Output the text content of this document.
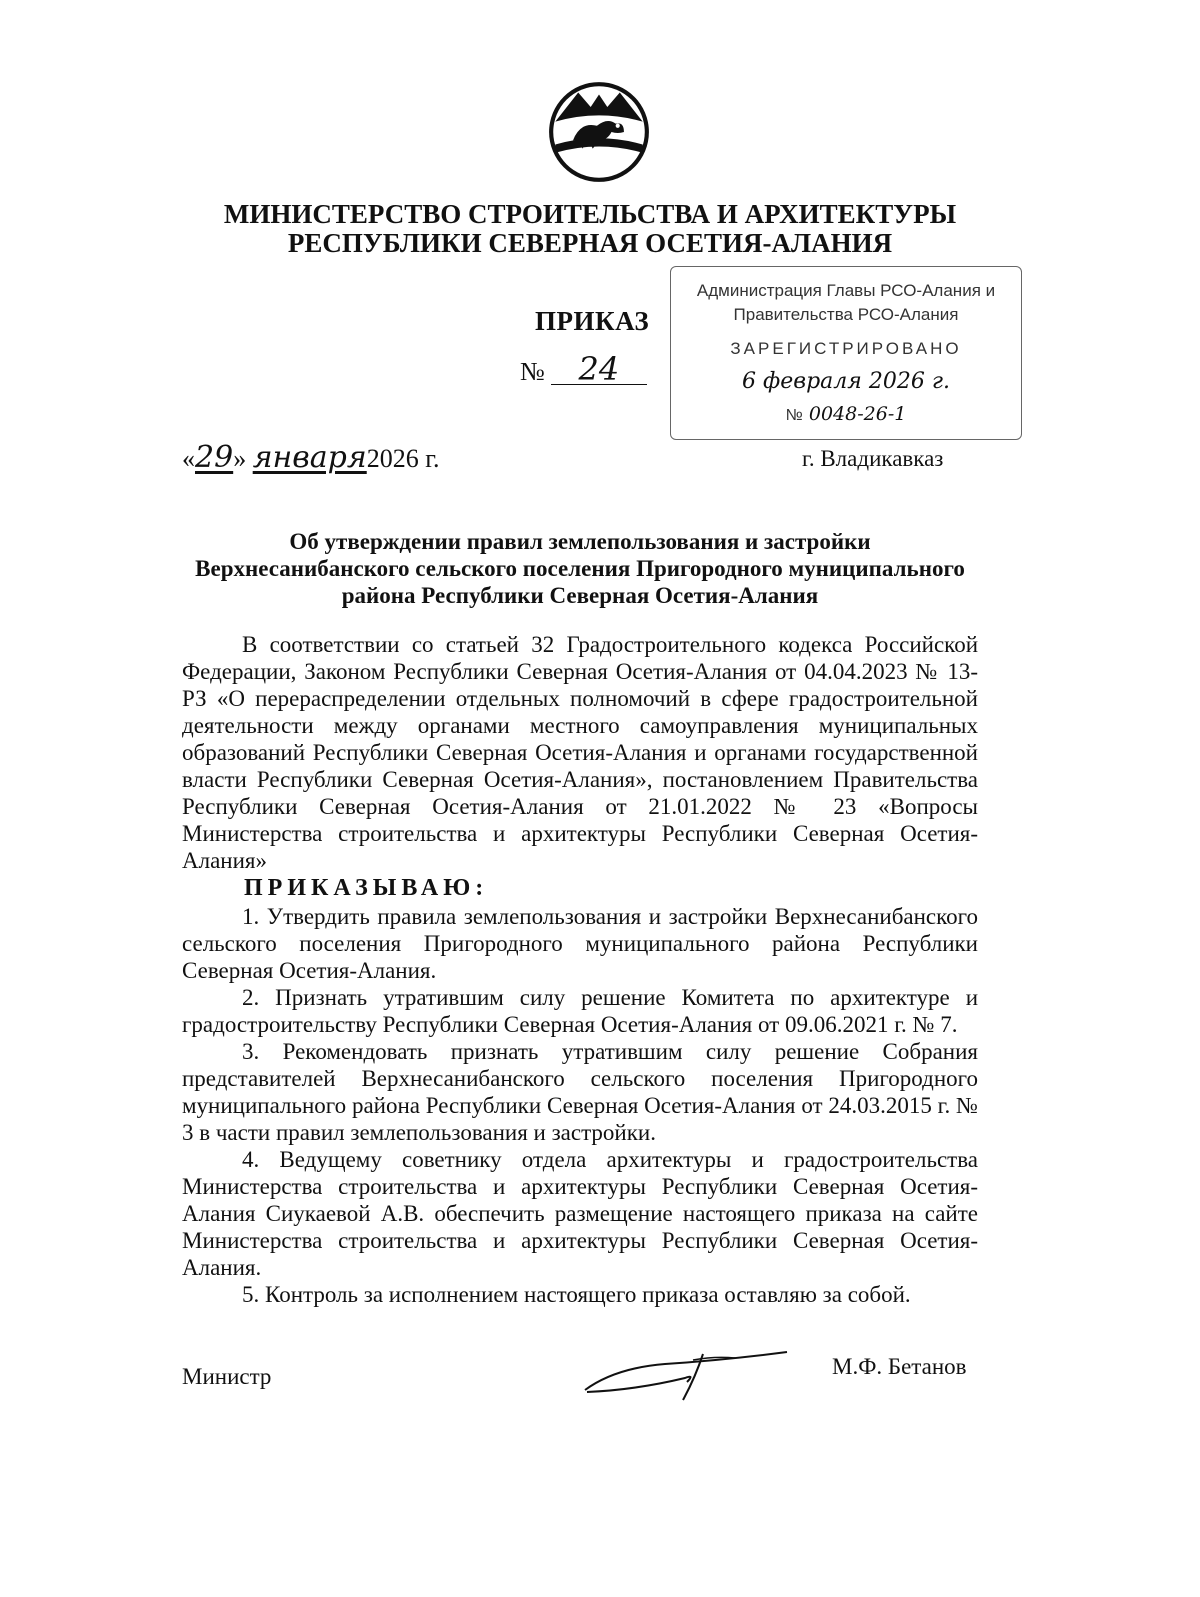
МИНИСТЕРСТВО СТРОИТЕЛЬСТВА И АРХИТЕКТУРЫ
РЕСПУБЛИКИ СЕВЕРНАЯ ОСЕТИЯ-АЛАНИЯ
ПРИКАЗ
№ 24
Администрация Главы РСО-Алания и
Правительства РСО-Алания
ЗАРЕГИСТРИРОВАНО
6 февраля 2026 г.
№ 0048-26-1
«29» января2026 г.	г. Владикавказ
Об утверждении правил землепользования и застройки
Верхнесанибанского сельского поселения Пригородного муниципального
района Республики Северная Осетия-Алания

В соответствии со статьей 32 Градостроительного кодекса Российской Федерации, Законом Республики Северная Осетия-Алания от 04.04.2023 № 13-РЗ «О перераспределении отдельных полномочий в сфере градостроительной деятельности между органами местного самоуправления муниципальных образований Республики Северная Осетия-Алания и органами государственной власти Республики Северная Осетия-Алания», постановлением Правительства Республики Северная Осетия-Алания от 21.01.2022 № 23 «Вопросы Министерства строительства и архитектуры Республики Северная Осетия-Алания»

ПРИКАЗЫВАЮ:

1. Утвердить правила землепользования и застройки Верхнесанибанского сельского поселения Пригородного муниципального района Республики Северная Осетия-Алания.

2. Признать утратившим силу решение Комитета по архитектуре и градостроительству Республики Северная Осетия-Алания от 09.06.2021 г. № 7.

3. Рекомендовать признать утратившим силу решение Собрания представителей Верхнесанибанского сельского поселения Пригородного муниципального района Республики Северная Осетия-Алания от 24.03.2015 г. № 3 в части правил землепользования и застройки.

4. Ведущему советнику отдела архитектуры и градостроительства Министерства строительства и архитектуры Республики Северная Осетия-Алания Сиукаевой А.В. обеспечить размещение настоящего приказа на сайте Министерства строительства и архитектуры Республики Северная Осетия-Алания.

5. Контроль за исполнением настоящего приказа оставляю за собой.

Министр	М.Ф. Бетанов
